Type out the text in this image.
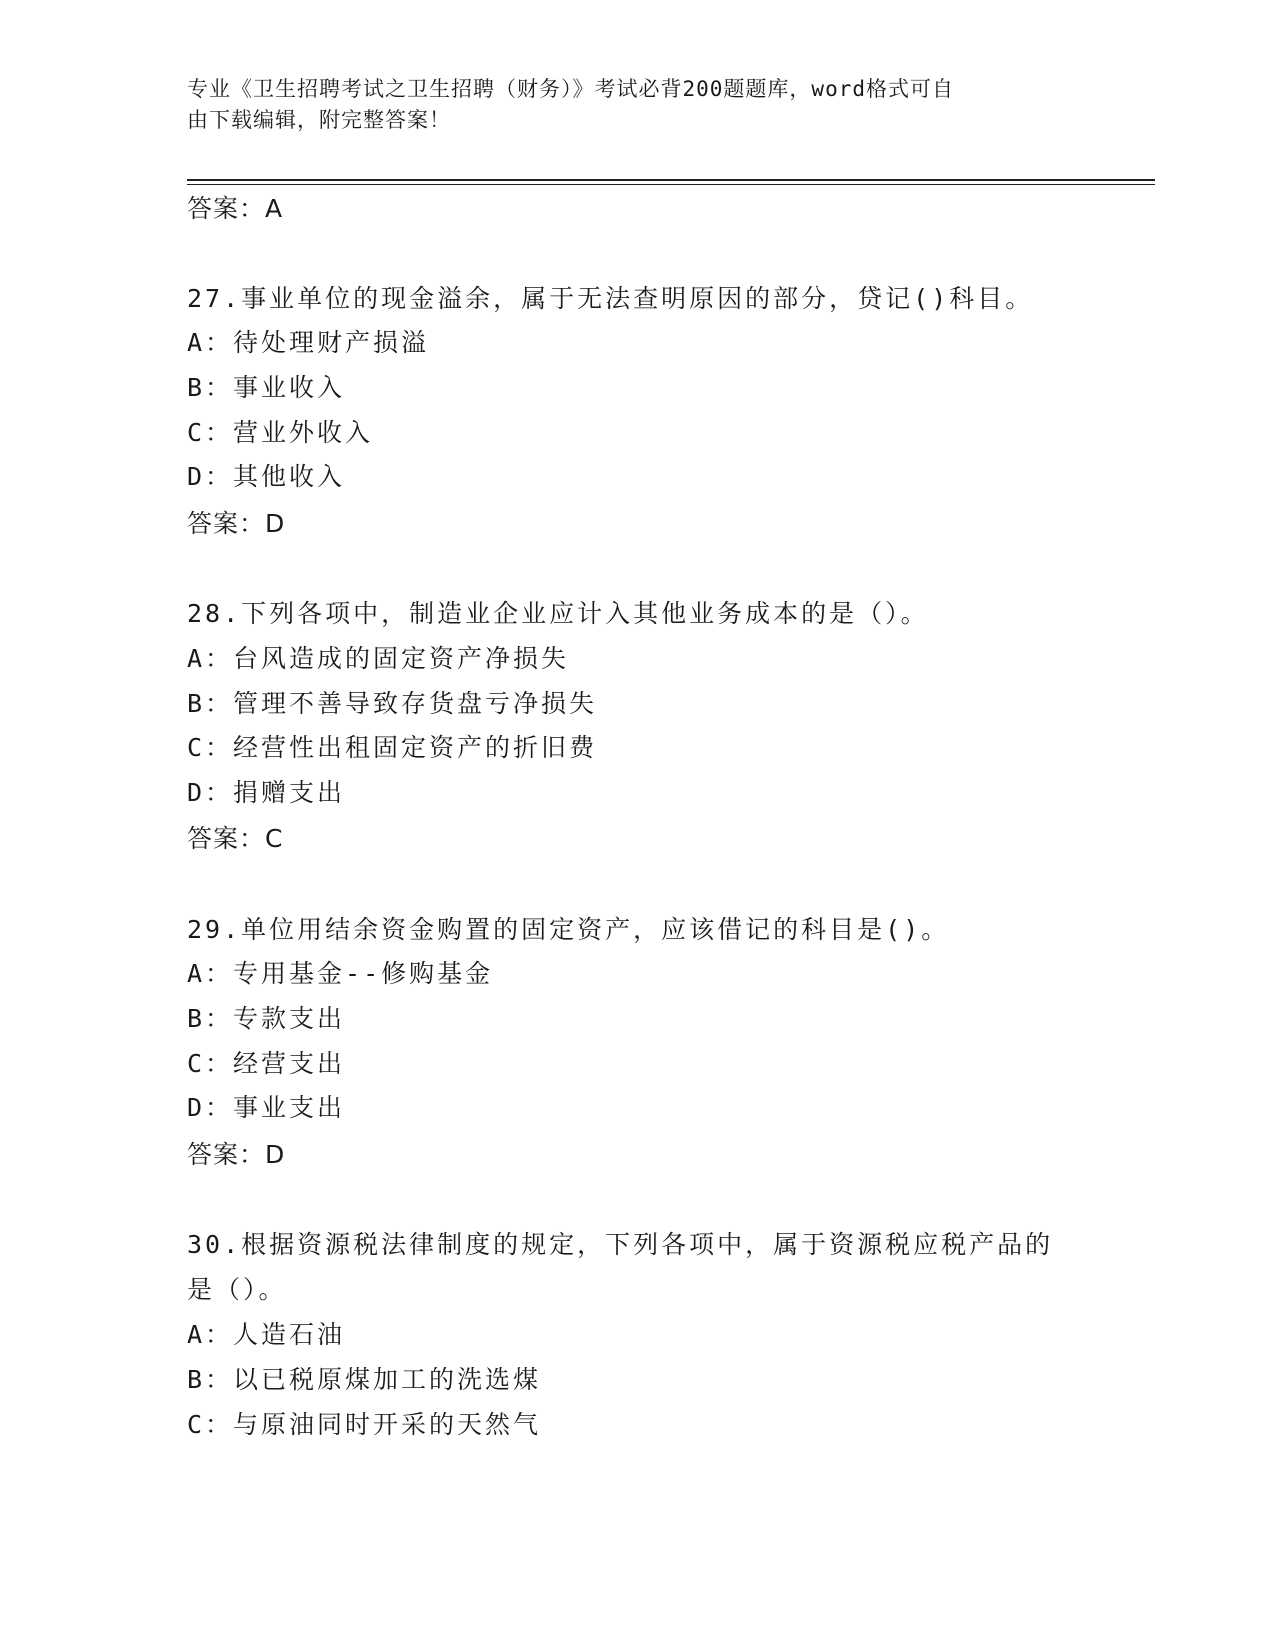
专业《卫生招聘考试之卫生招聘（财务）》考试必背200题题库，word格式可自
由下载编辑，附完整答案！
答案：A
27.事业单位的现金溢余，属于无法查明原因的部分，贷记()科目。
A：待处理财产损溢
B：事业收入
C：营业外收入
D：其他收入
答案：D
28.下列各项中，制造业企业应计入其他业务成本的是（）。
A：台风造成的固定资产净损失
B：管理不善导致存货盘亏净损失
C：经营性出租固定资产的折旧费
D：捐赠支出
答案：C
29.单位用结余资金购置的固定资产，应该借记的科目是()。
A：专用基金--修购基金
B：专款支出
C：经营支出
D：事业支出
答案：D
30.根据资源税法律制度的规定，下列各项中，属于资源税应税产品的
是（）。
A：人造石油
B：以已税原煤加工的洗选煤
C：与原油同时开采的天然气
